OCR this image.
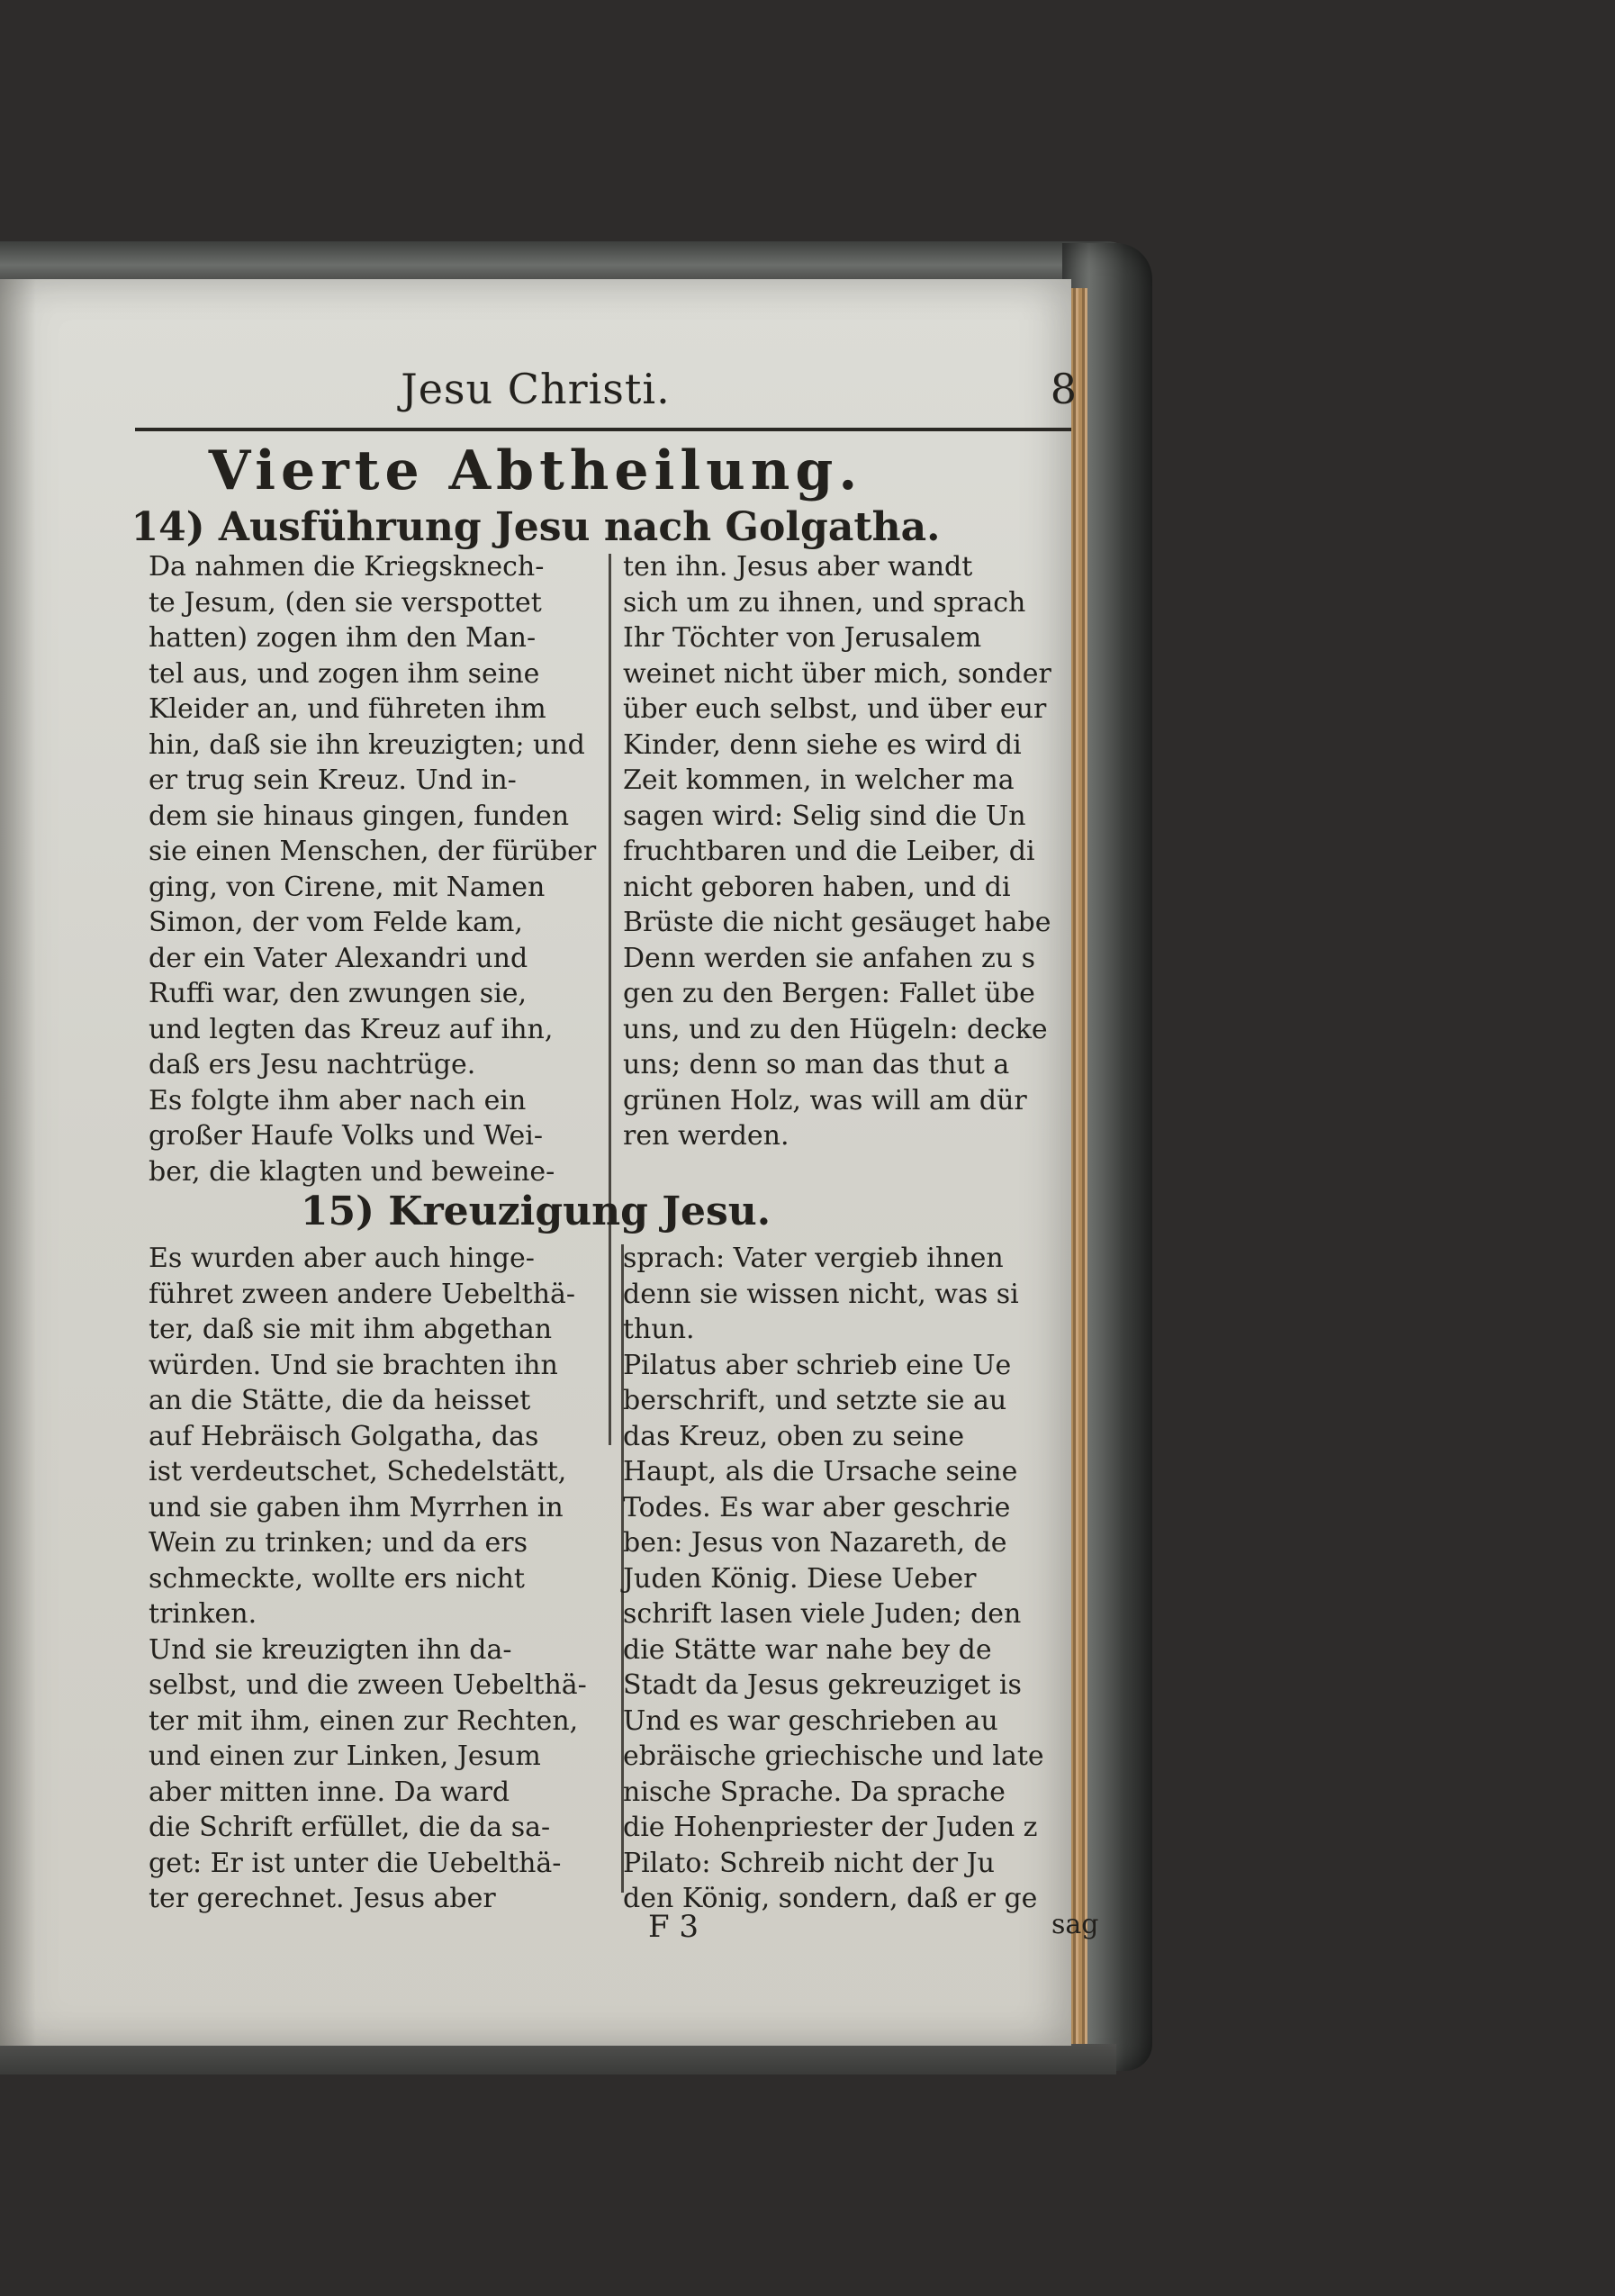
Jesu Christi.	8
Vierte Abtheilung.
14) Ausführung Jesu nach Golgatha.
Da nahmen die Kriegsknech-
te Jesum, (den sie verspottet
hatten) zogen ihm den Man-
tel aus, und zogen ihm seine
Kleider an, und führeten ihm
hin, daß sie ihn kreuzigten; und
er trug sein Kreuz. Und in-
dem sie hinaus gingen, funden
sie einen Menschen, der fürüber
ging, von Cirene, mit Namen
Simon, der vom Felde kam,
der ein Vater Alexandri und
Ruffi war, den zwungen sie,
und legten das Kreuz auf ihn,
daß ers Jesu nachtrüge.
Es folgte ihm aber nach ein
großer Haufe Volks und Wei-
ber, die klagten und beweine-
ten ihn. Jesus aber wandt
sich um zu ihnen, und sprach
Ihr Töchter von Jerusalem
weinet nicht über mich, sonder
über euch selbst, und über eur
Kinder, denn siehe es wird di
Zeit kommen, in welcher ma
sagen wird: Selig sind die Un
fruchtbaren und die Leiber, di
nicht geboren haben, und di
Brüste die nicht gesäuget habe
Denn werden sie anfahen zu s
gen zu den Bergen: Fallet übe
uns, und zu den Hügeln: decke
uns; denn so man das thut a
grünen Holz, was will am dür
ren werden.
15) Kreuzigung Jesu.
Es wurden aber auch hinge-
führet zween andere Uebelthä-
ter, daß sie mit ihm abgethan
würden. Und sie brachten ihn
an die Stätte, die da heisset
auf Hebräisch Golgatha, das
ist verdeutschet, Schedelstätt,
und sie gaben ihm Myrrhen in
Wein zu trinken; und da ers
schmeckte, wollte ers nicht
trinken.
Und sie kreuzigten ihn da-
selbst, und die zween Uebelthä-
ter mit ihm, einen zur Rechten,
und einen zur Linken, Jesum
aber mitten inne. Da ward
die Schrift erfüllet, die da sa-
get: Er ist unter die Uebelthä-
ter gerechnet. Jesus aber
sprach: Vater vergieb ihnen
denn sie wissen nicht, was si
thun.
Pilatus aber schrieb eine Ue
berschrift, und setzte sie au
das Kreuz, oben zu seine
Haupt, als die Ursache seine
Todes. Es war aber geschrie
ben: Jesus von Nazareth, de
Juden König. Diese Ueber
schrift lasen viele Juden; den
die Stätte war nahe bey de
Stadt da Jesus gekreuziget is
Und es war geschrieben au
ebräische griechische und late
nische Sprache. Da sprache
die Hohenpriester der Juden z
Pilato: Schreib nicht der Ju
den König, sondern, daß er ge
F 3	sag
